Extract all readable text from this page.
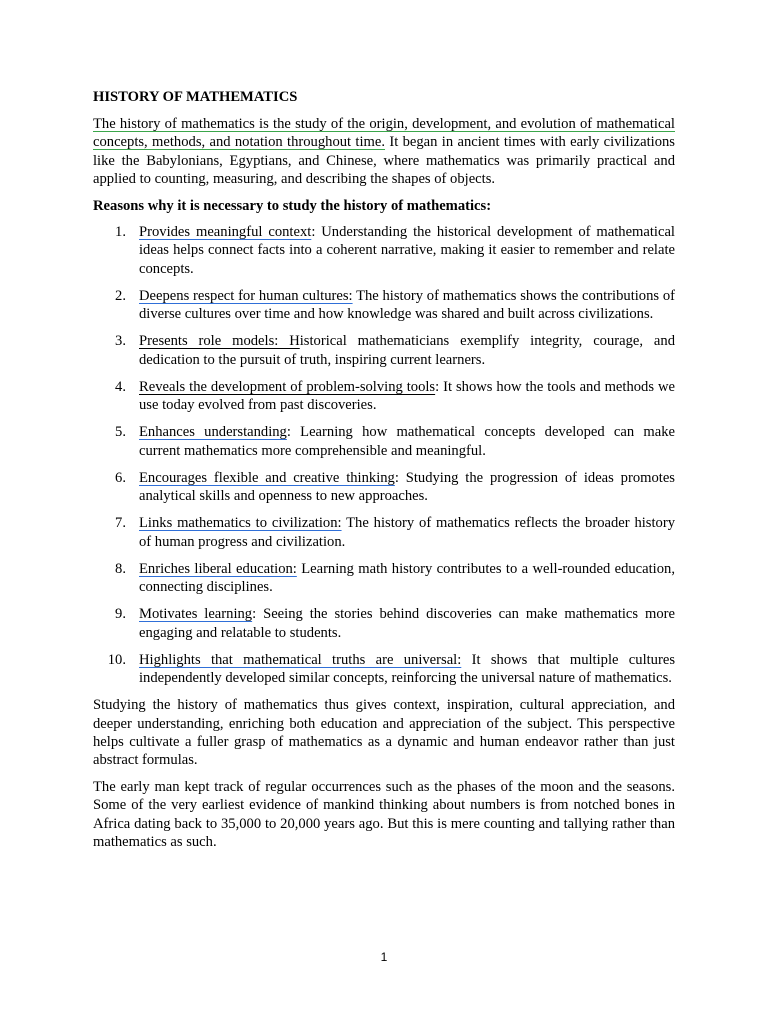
HISTORY OF MATHEMATICS

The history of mathematics is the study of the origin, development, and evolution of mathematical concepts, methods, and notation throughout time. It began in ancient times with early civilizations like the Babylonians, Egyptians, and Chinese, where mathematics was primarily practical and applied to counting, measuring, and describing the shapes of objects.

Reasons why it is necessary to study the history of mathematics:

1. Provides meaningful context: Understanding the historical development of mathematical ideas helps connect facts into a coherent narrative, making it easier to remember and relate concepts.
2. Deepens respect for human cultures: The history of mathematics shows the contributions of diverse cultures over time and how knowledge was shared and built across civilizations.
3. Presents role models: Historical mathematicians exemplify integrity, courage, and dedication to the pursuit of truth, inspiring current learners.
4. Reveals the development of problem-solving tools: It shows how the tools and methods we use today evolved from past discoveries.
5. Enhances understanding: Learning how mathematical concepts developed can make current mathematics more comprehensible and meaningful.
6. Encourages flexible and creative thinking: Studying the progression of ideas promotes analytical skills and openness to new approaches.
7. Links mathematics to civilization: The history of mathematics reflects the broader history of human progress and civilization.
8. Enriches liberal education: Learning math history contributes to a well-rounded education, connecting disciplines.
9. Motivates learning: Seeing the stories behind discoveries can make mathematics more engaging and relatable to students.
10. Highlights that mathematical truths are universal: It shows that multiple cultures independently developed similar concepts, reinforcing the universal nature of mathematics.

Studying the history of mathematics thus gives context, inspiration, cultural appreciation, and deeper understanding, enriching both education and appreciation of the subject. This perspective helps cultivate a fuller grasp of mathematics as a dynamic and human endeavor rather than just abstract formulas.

The early man kept track of regular occurrences such as the phases of the moon and the seasons. Some of the very earliest evidence of mankind thinking about numbers is from notched bones in Africa dating back to 35,000 to 20,000 years ago. But this is mere counting and tallying rather than mathematics as such.

1
